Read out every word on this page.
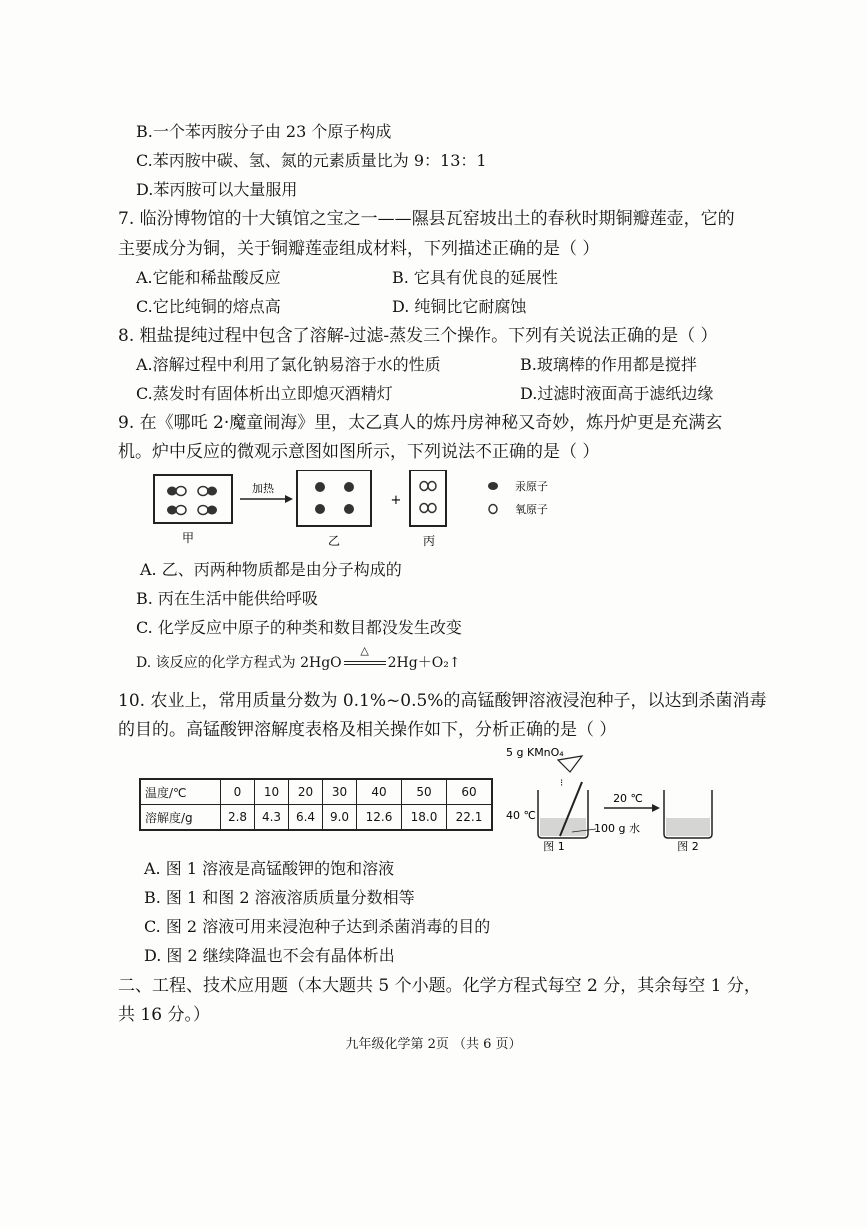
B.一个苯丙胺分子由 23 个原子构成
C.苯丙胺中碳、氢、氮的元素质量比为 9：13：1
D.苯丙胺可以大量服用
7. 临汾博物馆的十大镇馆之宝之一——隰县瓦窑坡出土的春秋时期铜瓣莲壶，它的
主要成分为铜，关于铜瓣莲壶组成材料，下列描述正确的是（ ）
A.它能和稀盐酸反应	B. 它具有优良的延展性
C.它比纯铜的熔点高	D. 纯铜比它耐腐蚀
8. 粗盐提纯过程中包含了溶解-过滤-蒸发三个操作。下列有关说法正确的是（ ）
A.溶解过程中利用了氯化钠易溶于水的性质	B.玻璃棒的作用都是搅拌
C.蒸发时有固体析出立即熄灭酒精灯	D.过滤时液面高于滤纸边缘
9. 在《哪吒 2·魔童闹海》里，太乙真人的炼丹房神秘又奇妙，炼丹炉更是充满玄
机。炉中反应的微观示意图如图所示，下列说法不正确的是（ ）
甲
加热
乙
+
丙
汞原子
氧原子
A. 乙、丙两种物质都是由分子构成的
B. 丙在生活中能供给呼吸
C. 化学反应中原子的种类和数目都没发生改变
D. 该反应的化学方程式为 2HgO
△
2Hg＋O₂↑
10. 农业上，常用质量分数为 0.1%~0.5%的高锰酸钾溶液浸泡种子，以达到杀菌消毒
的目的。高锰酸钾溶解度表格及相关操作如下，分析正确的是（ ）
温度/℃	0	10	20	30	40	50	60
溶解度/g	2.8	4.3	6.4	9.0	12.6	18.0	22.1
5 g KMnO₄
⁝
40 ℃
100 g 水
图 1
20 ℃
图 2
A. 图 1 溶液是高锰酸钾的饱和溶液
B. 图 1 和图 2 溶液溶质质量分数相等
C. 图 2 溶液可用来浸泡种子达到杀菌消毒的目的
D. 图 2 继续降温也不会有晶体析出
二、工程、技术应用题（本大题共 5 个小题。化学方程式每空 2 分，其余每空 1 分，
共 16 分。）
九年级化学第 2页 （共 6 页）
